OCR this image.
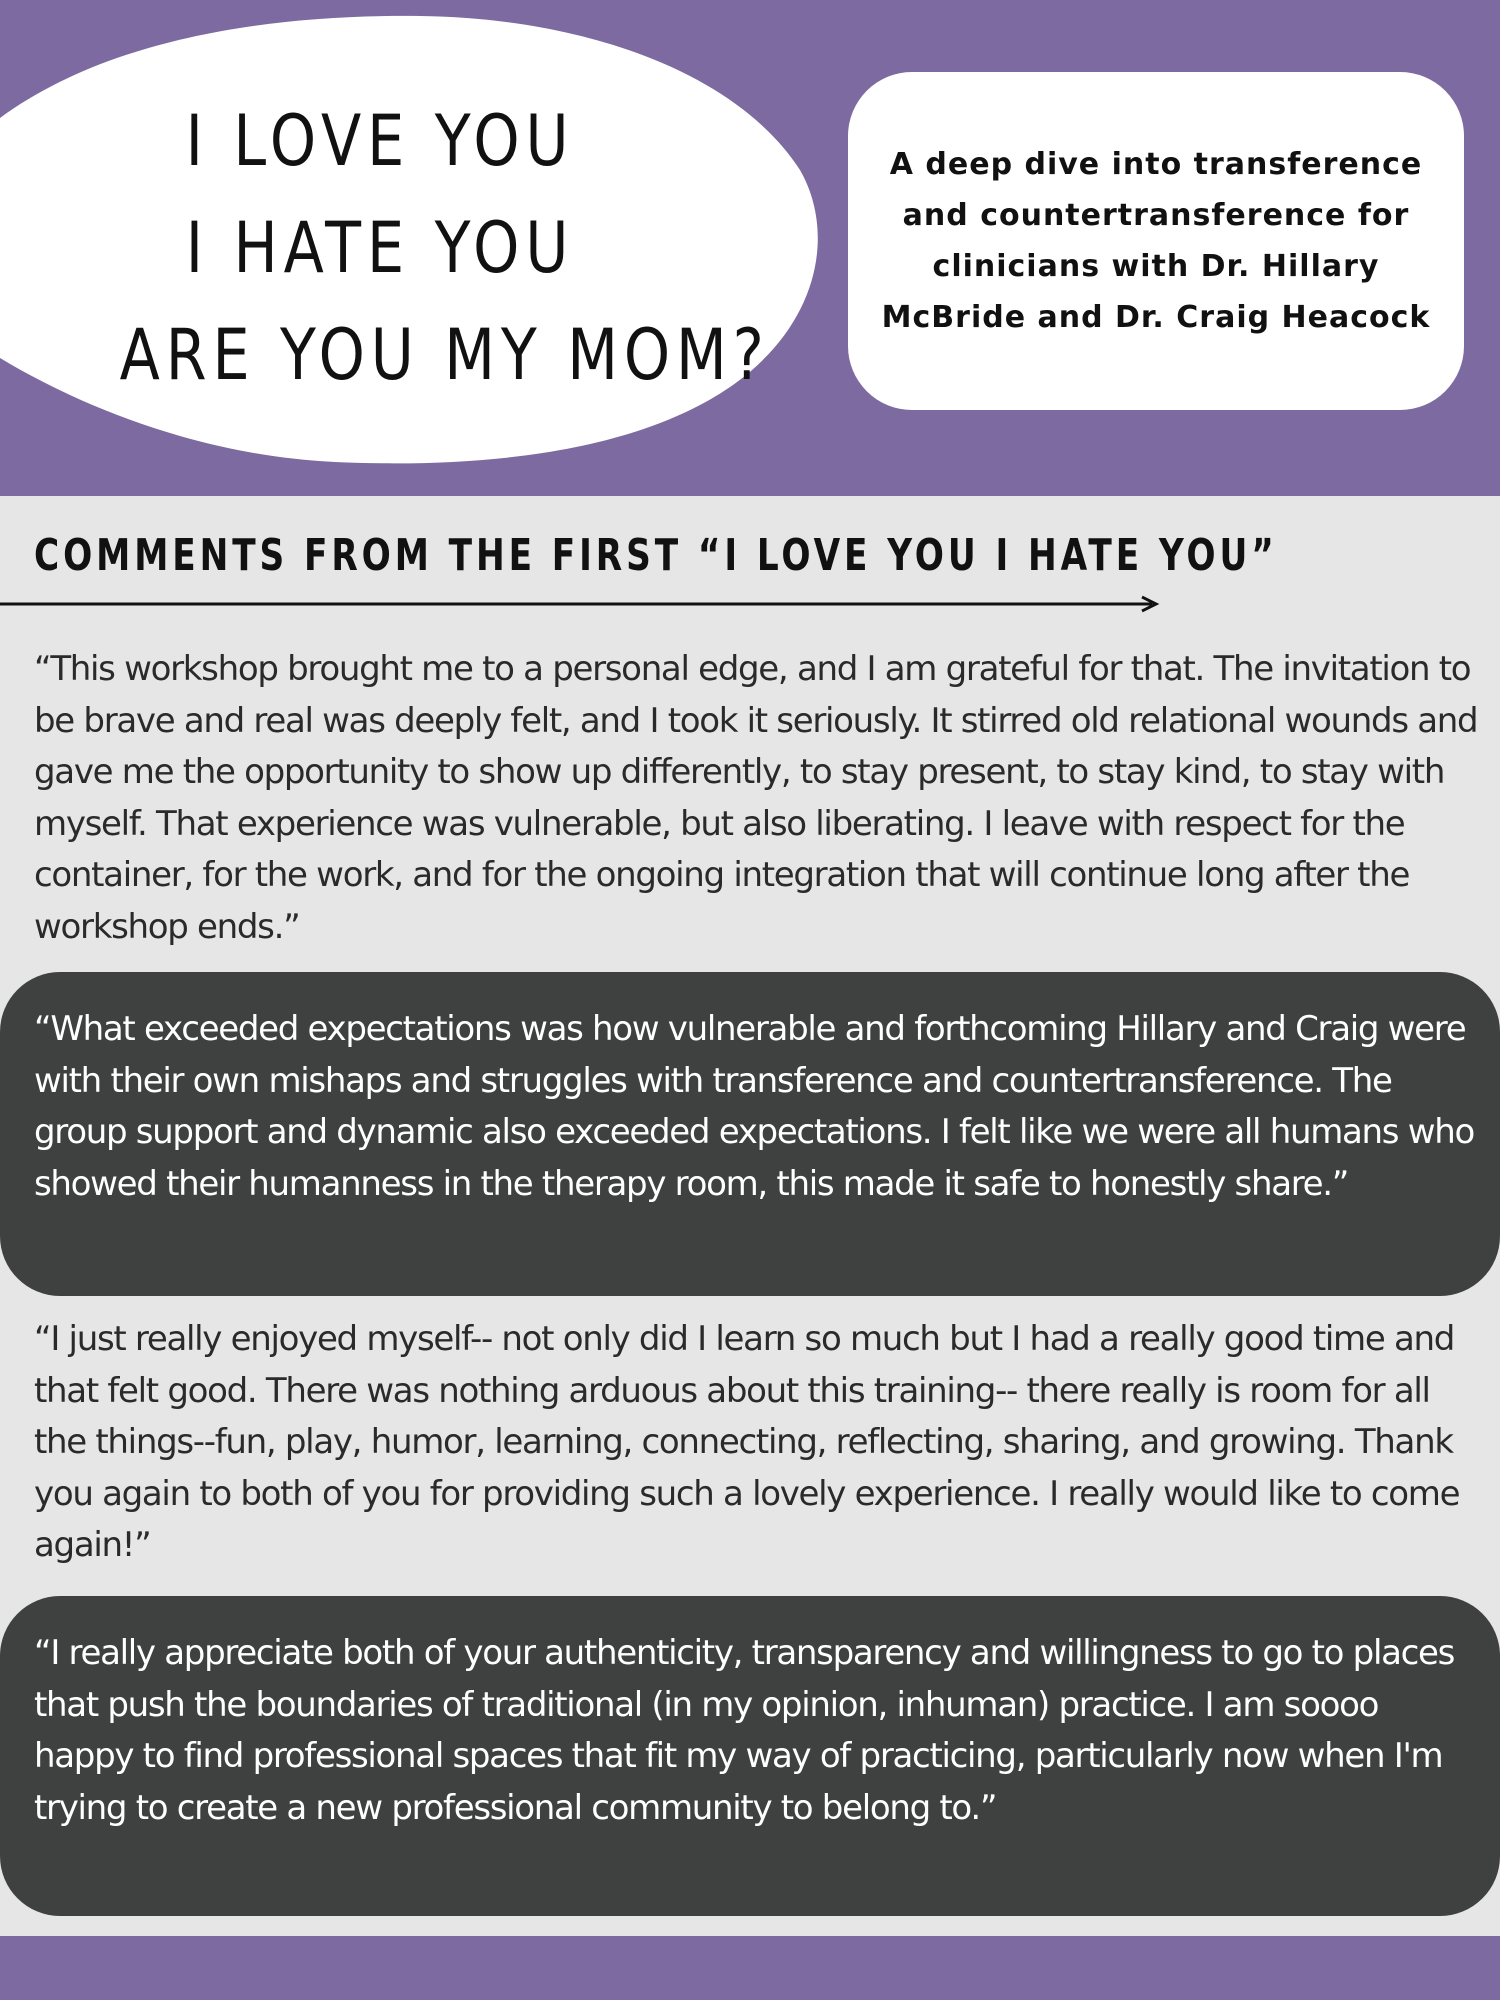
I LOVE YOU
I HATE YOU
ARE YOU MY MOM?
A deep dive into transference and countertransference for clinicians with Dr. Hillary McBride and Dr. Craig Heacock
COMMENTS FROM THE FIRST “I LOVE YOU I HATE YOU”
“This workshop brought me to a personal edge, and I am grateful for that. The invitation to be brave and real was deeply felt, and I took it seriously. It stirred old relational wounds and gave me the opportunity to show up differently, to stay present, to stay kind, to stay with myself. That experience was vulnerable, but also liberating. I leave with respect for the container, for the work, and for the ongoing integration that will continue long after the workshop ends.”
“What exceeded expectations was how vulnerable and forthcoming Hillary and Craig were with their own mishaps and struggles with transference and countertransference. The group support and dynamic also exceeded expectations. I felt like we were all humans who showed their humanness in the therapy room, this made it safe to honestly share.”
“I just really enjoyed myself-- not only did I learn so much but I had a really good time and that felt good. There was nothing arduous about this training-- there really is room for all the things--fun, play, humor, learning, connecting, reflecting, sharing, and growing. Thank you again to both of you for providing such a lovely experience. I really would like to come again!”
“I really appreciate both of your authenticity, transparency and willingness to go to places that push the boundaries of traditional (in my opinion, inhuman) practice. I am soooo happy to find professional spaces that fit my way of practicing, particularly now when I'm trying to create a new professional community to belong to.”
